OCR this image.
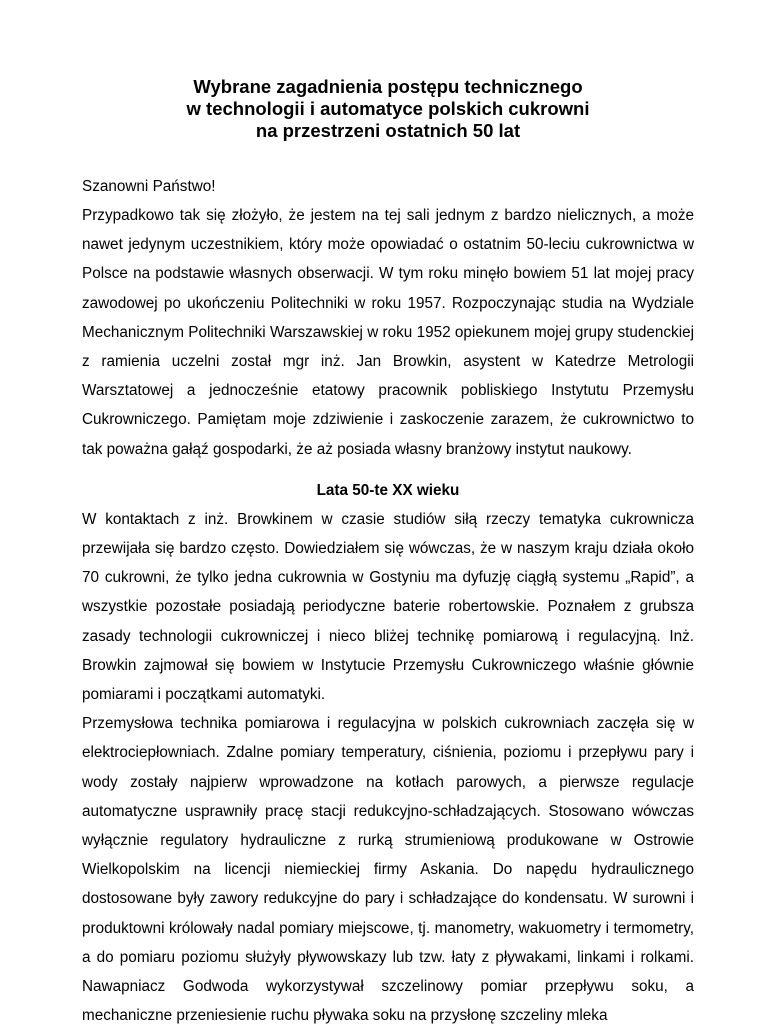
Wybrane zagadnienia postępu technicznego
w technologii i automatyce polskich cukrowni
na przestrzeni ostatnich 50 lat

Szanowni Państwo!

Przypadkowo tak się złożyło, że jestem na tej sali jednym z bardzo nielicznych, a może nawet jedynym uczestnikiem, który może opowiadać o ostatnim 50-leciu cukrownictwa w Polsce na podstawie własnych obserwacji. W tym roku minęło bowiem 51 lat mojej pracy zawodowej po ukończeniu Politechniki w roku 1957. Rozpoczynając studia na Wydziale Mechanicznym Politechniki Warszawskiej w roku 1952 opiekunem mojej grupy studenckiej z ramienia uczelni został mgr inż. Jan Browkin, asystent w Katedrze Metrologii Warsztatowej a jednocześnie etatowy pracownik pobliskiego Instytutu Przemysłu Cukrowniczego. Pamiętam moje zdziwienie i zaskoczenie zarazem, że cukrownictwo to tak poważna gałąź gospodarki, że aż posiada własny branżowy instytut naukowy.

Lata 50-te XX wieku

W kontaktach z inż. Browkinem w czasie studiów siłą rzeczy tematyka cukrownicza przewijała się bardzo często. Dowiedziałem się wówczas, że w naszym kraju działa około 70 cukrowni, że tylko jedna cukrownia w Gostyniu ma dyfuzję ciągłą systemu „Rapid”, a wszystkie pozostałe posiadają periodyczne baterie robertowskie. Poznałem z grubsza zasady technologii cukrowniczej i nieco bliżej technikę pomiarową i regulacyjną. Inż. Browkin zajmował się bowiem w Instytucie Przemysłu Cukrowniczego właśnie głównie pomiarami i początkami automatyki.

Przemysłowa technika pomiarowa i regulacyjna w polskich cukrowniach zaczęła się w elektrociepłowniach. Zdalne pomiary temperatury, ciśnienia, poziomu i przepływu pary i wody zostały najpierw wprowadzone na kotłach parowych, a pierwsze regulacje automatyczne usprawniły pracę stacji redukcyjno-schładzających. Stosowano wówczas wyłącznie regulatory hydrauliczne z rurką strumieniową produkowane w Ostrowie Wielkopolskim na licencji niemieckiej firmy Askania. Do napędu hydraulicznego dostosowane były zawory redukcyjne do pary i schładzające do kondensatu. W surowni i produktowni królowały nadal pomiary miejscowe, tj. manometry, wakuometry i termometry, a do pomiaru poziomu służyły pływowskazy lub tzw. łaty z pływakami, linkami i rolkami. Nawapniacz Godwoda wykorzystywał szczelinowy pomiar przepływu soku, a mechaniczne przeniesienie ruchu pływaka soku na przysłonę szczeliny mleka
